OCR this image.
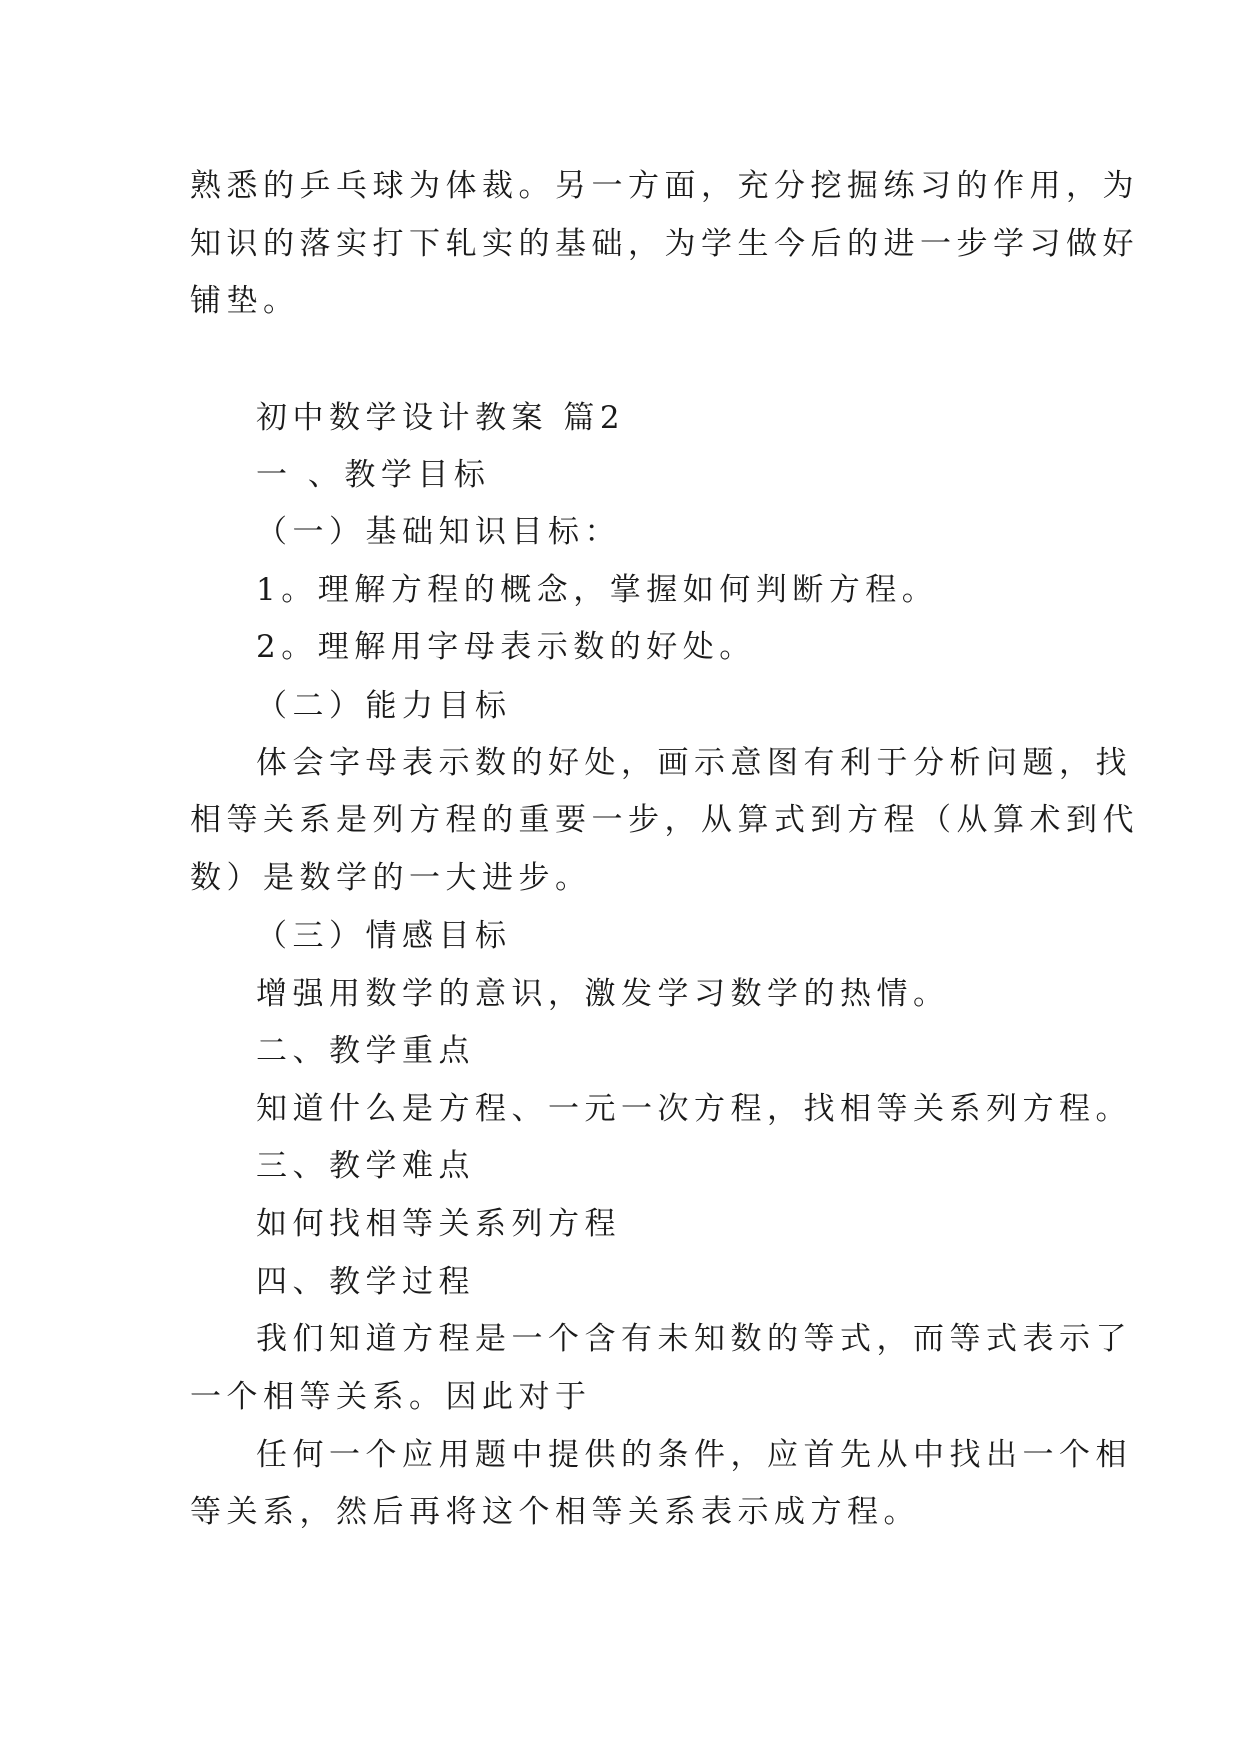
熟悉的乒乓球为体裁。另一方面，充分挖掘练习的作用，为
知识的落实打下轧实的基础，为学生今后的进一步学习做好
铺垫。
初中数学设计教案 篇2
一 、教学目标
（一）基础知识目标：
1。理解方程的概念，掌握如何判断方程。
2。理解用字母表示数的好处。
（二）能力目标
体会字母表示数的好处，画示意图有利于分析问题，找
相等关系是列方程的重要一步，从算式到方程（从算术到代
数）是数学的一大进步。
（三）情感目标
增强用数学的意识，激发学习数学的热情。
二、教学重点
知道什么是方程、一元一次方程，找相等关系列方程。
三、教学难点
如何找相等关系列方程
四、教学过程
我们知道方程是一个含有未知数的等式，而等式表示了
一个相等关系。因此对于
任何一个应用题中提供的条件，应首先从中找出一个相
等关系，然后再将这个相等关系表示成方程。
